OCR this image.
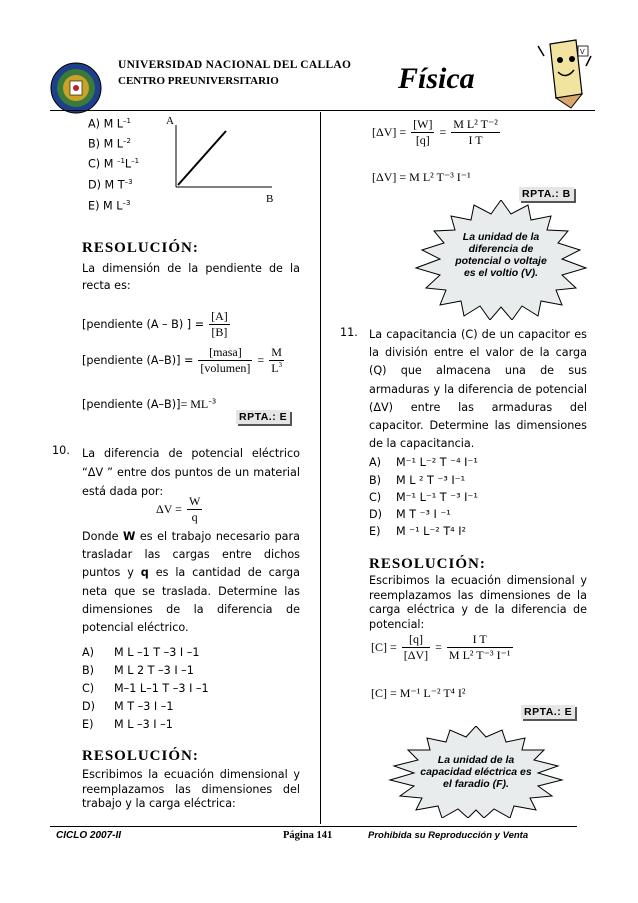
UNIVERSIDAD NACIONAL DEL CALLAO
CENTRO PREUNIVERSITARIO	Física
V
A) M $L^{-1}$
B) M $L^{-2}$
C) M $^{-1}L^{-1}$
D) M $T^{-3}$
E) M $L^{-3}$
A
B
RESOLUCIÓN:
La dimensión de la pendiente de la recta es:
[pendiente (A – B) ] = $\frac{[A]}{[B]}$
[pendiente $(A-B)] = \frac{\text{[masa]}}{\text{[volumen]}} = \frac{M}{L^3}$
[pendiente $(A-B)]= ML^{-3}$
RPTA.: E
10. La diferencia de potencial eléctrico “ΔV ” entre dos puntos de un material está dada por:
$\Delta V = \frac{W}{q}$
Donde W es el trabajo necesario para trasladar las cargas entre dichos puntos y q es la cantidad de carga neta que se traslada. Determine las dimensiones de la diferencia de potencial eléctrico.
A) M L –1 T –3 I –1
B) M L 2 T –3 I –1
C) M–1 L–1 T –3 I –1
D) M T –3 I –1
E) M L –3 I –1
RESOLUCIÓN:
Escribimos la ecuación dimensional y reemplazamos las dimensiones del trabajo y la carga eléctrica:
$[\Delta V] = \frac{[W]}{[q]} = \frac{\text{M L² T⁻²}}{\text{I T}}$
[ΔV] = M L² T⁻³ I⁻¹
RPTA.: B
La unidad de la diferencia de potencial o voltaje es el voltio (V).
11. La capacitancia (C) de un capacitor es la división entre el valor de la carga (Q) que almacena una de sus armaduras y la diferencia de potencial (ΔV) entre las armaduras del capacitor. Determine las dimensiones de la capacitancia.
A) M⁻¹ L⁻² T ⁻⁴ I⁻¹
B) M L ² T ⁻³ I⁻¹
C) M⁻¹ L⁻¹ T ⁻³ I⁻¹
D) M T ⁻³ I ⁻¹
E) M ⁻¹ L⁻² T⁴ I²
RESOLUCIÓN:
Escribimos la ecuación dimensional y reemplazamos las dimensiones de la carga eléctrica y de la diferencia de potencial:
$[C] = \frac{[q]}{[\Delta V]} = \frac{\text{I T}}{\text{M L² T⁻³ I⁻¹}}$
[C] = M⁻¹ L⁻² T⁴ I²
RPTA.: E
La unidad de la capacidad eléctrica es el faradio (F).
CICLO 2007-II	Página 141	Prohibida su Reproducción y Venta
